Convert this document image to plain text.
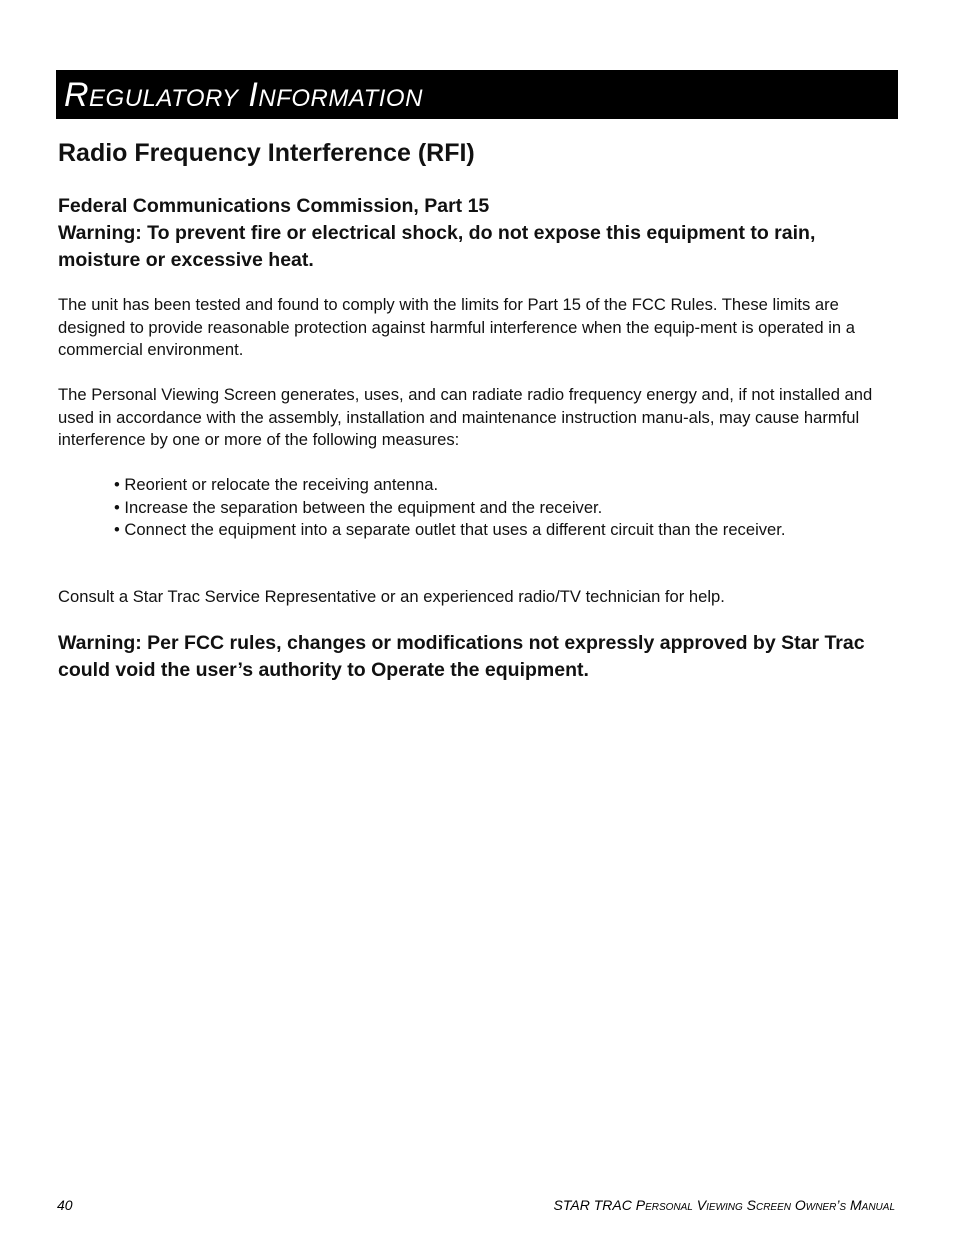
Regulatory Information
Radio Frequency Interference (RFI)

Federal Communications Commission, Part 15

Warning: To prevent fire or electrical shock, do not expose this equipment to rain, moisture or excessive heat.

The unit has been tested and found to comply with the limits for Part 15 of the FCC Rules. These limits are designed to provide reasonable protection against harmful interference when the equip-ment is operated in a commercial environment.

The Personal Viewing Screen generates, uses, and can radiate radio frequency energy and, if not installed and used in accordance with the assembly, installation and maintenance instruction manu-als, may cause harmful interference by one or more of the following measures:

• Reorient or relocate the receiving antenna.
• Increase the separation between the equipment and the receiver.
• Connect the equipment into a separate outlet that uses a different circuit than the receiver.

Consult a Star Trac Service Representative or an experienced radio/TV technician for help.

Warning: Per FCC rules, changes or modifications not expressly approved by Star Trac could void the user’s authority to Operate the equipment.

40	STAR TRAC Personal Viewing Screen Owner’s Manual
